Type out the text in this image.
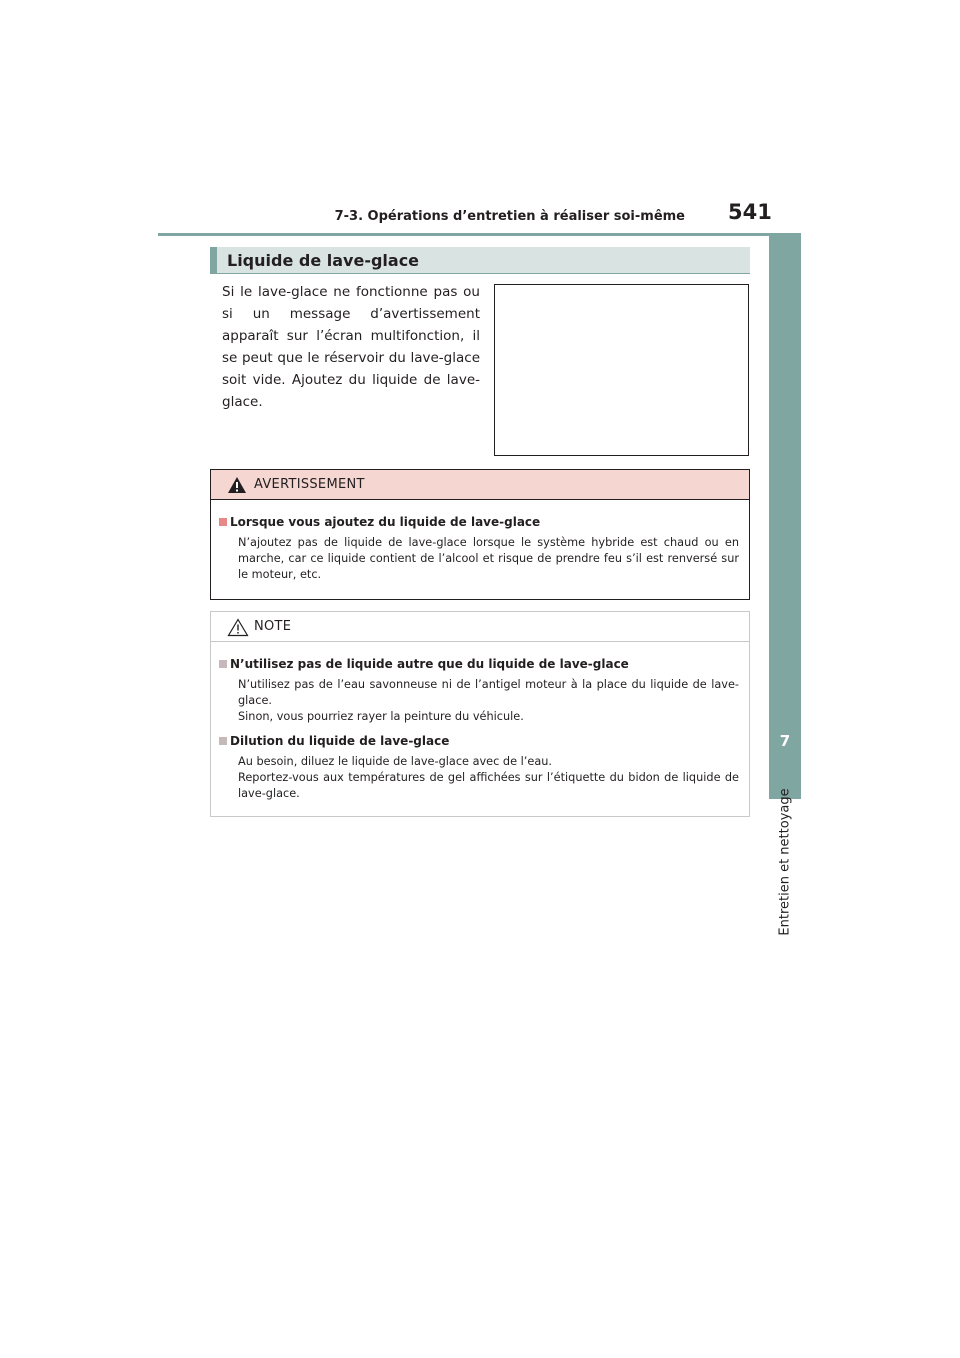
7-3. Opérations d’entretien à réaliser soi-même 541
7
Entretien et nettoyage
Liquide de lave-glace
Si le lave-glace ne fonctionne pas ou si un message d’avertissement apparaît sur l’écran multifonction, il se peut que le réservoir du lave-glace soit vide. Ajoutez du liquide de lave-glace.
AVERTISSEMENT
Lorsque vous ajoutez du liquide de lave-glace

N’ajoutez pas de liquide de lave-glace lorsque le système hybride est chaud ou en marche, car ce liquide contient de l’alcool et risque de prendre feu s’il est renversé sur le moteur, etc.

NOTE
N’utilisez pas de liquide autre que du liquide de lave-glace

N’utilisez pas de l’eau savonneuse ni de l’antigel moteur à la place du liquide de lave-glace.

Sinon, vous pourriez rayer la peinture du véhicule.

Dilution du liquide de lave-glace

Au besoin, diluez le liquide de lave-glace avec de l’eau.

Reportez-vous aux températures de gel affichées sur l’étiquette du bidon de liquide de lave-glace.
